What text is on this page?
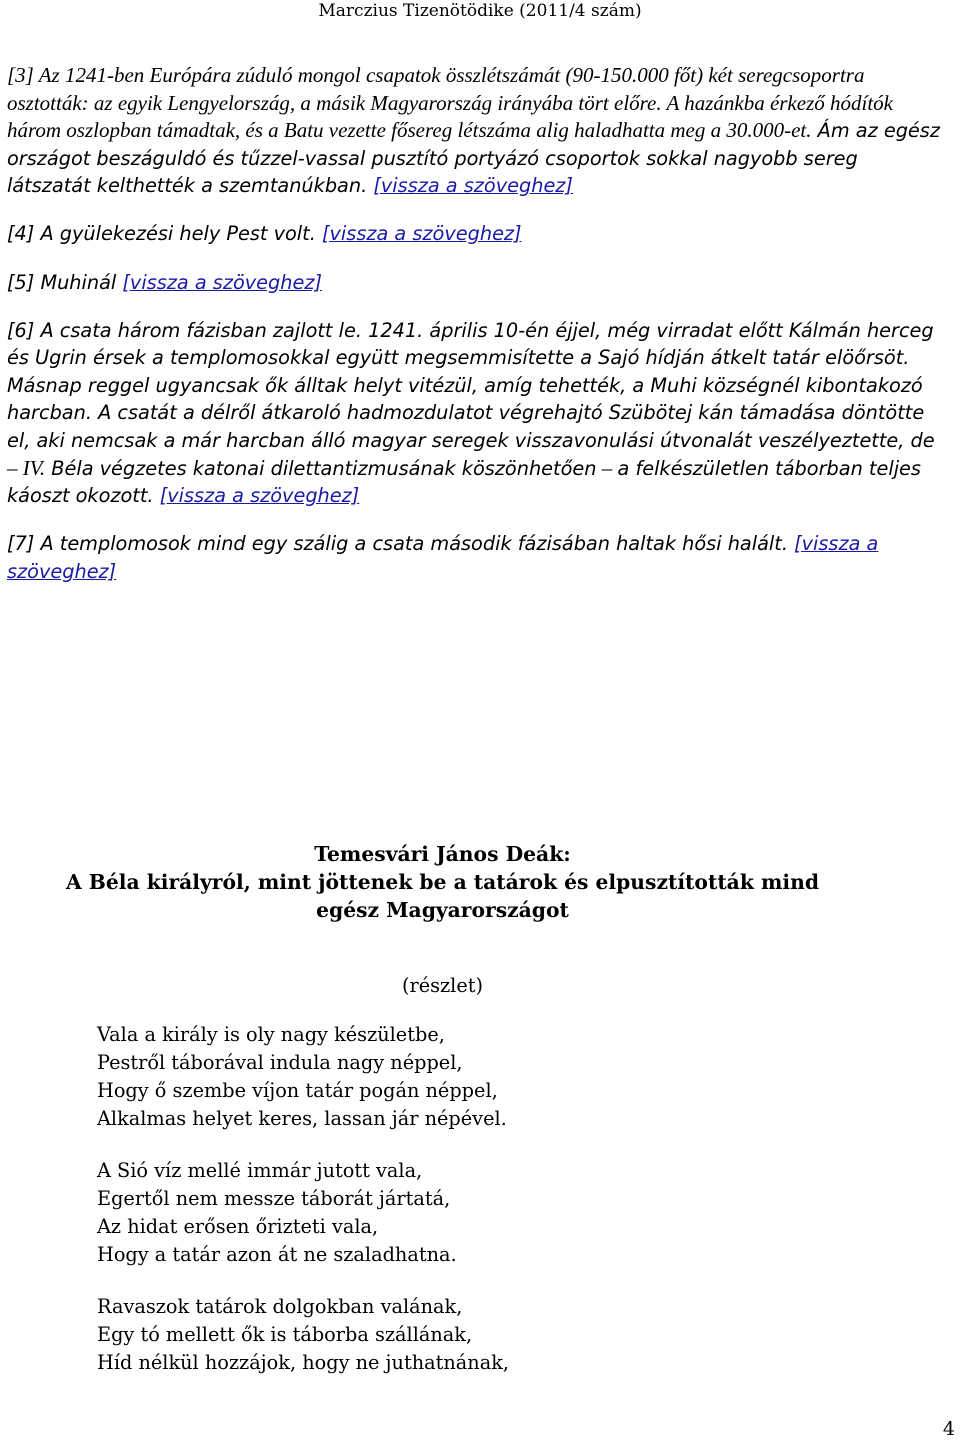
Marczius Tizenötödike (2011/4 szám)

[3] Az 1241-ben Európára zúduló mongol csapatok összlétszámát (90-150.000 főt) két seregcsoportra osztották: az egyik Lengyelország, a másik Magyarország irányába tört előre. A hazánkba érkező hódítók három oszlopban támadtak, és a Batu vezette fősereg létszáma alig haladhatta meg a 30.000-et. Ám az egész országot beszáguldó és tűzzel-vassal pusztító portyázó csoportok sokkal nagyobb sereg látszatát kelthették a szemtanúkban. [vissza a szöveghez]

[4] A gyülekezési hely Pest volt. [vissza a szöveghez]

[5] Muhinál [vissza a szöveghez]

[6] A csata három fázisban zajlott le. 1241. április 10-én éjjel, még virradat előtt Kálmán herceg és Ugrin érsek a templomosokkal együtt megsemmisítette a Sajó hídján átkelt tatár elöőrsöt. Másnap reggel ugyancsak ők álltak helyt vitézül, amíg tehették, a Muhi községnél kibontakozó harcban. A csatát a délről átkaroló hadmozdulatot végrehajtó Szübötej kán támadása döntötte el, aki nemcsak a már harcban álló magyar seregek visszavonulási útvonalát veszélyeztette, de – IV. Béla végzetes katonai dilettantizmusának köszönhetően – a felkészületlen táborban teljes káoszt okozott. [vissza a szöveghez]

[7] A templomosok mind egy szálig a csata második fázisában haltak hősi halált. [vissza a szöveghez]

Temesvári János Deák:
A Béla királyról, mint jöttenek be a tatárok és elpusztították mind
egész Magyarországot
(részlet)
Vala a király is oly nagy készületbe,
Pestről táborával indula nagy néppel,
Hogy ő szembe víjon tatár pogán néppel,
Alkalmas helyet keres, lassan jár népével.
A Sió víz mellé immár jutott vala,
Egertől nem messze táborát jártatá,
Az hidat erősen őrizteti vala,
Hogy a tatár azon át ne szaladhatna.
Ravaszok tatárok dolgokban valának,
Egy tó mellett ők is táborba szállának,
Híd nélkül hozzájok, hogy ne juthatnának,
4
